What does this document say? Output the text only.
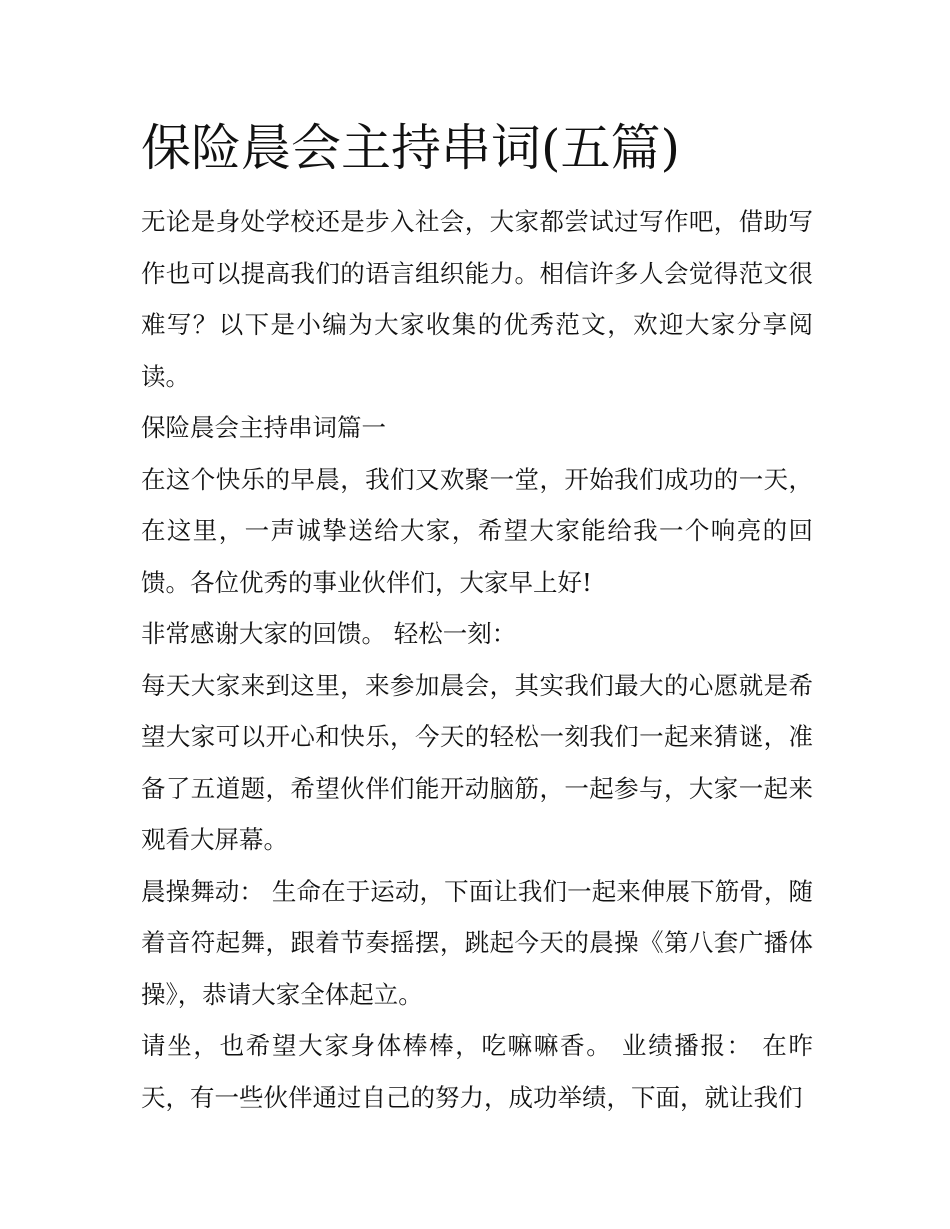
保险晨会主持串词(五篇)

无论是身处学校还是步入社会，大家都尝试过写作吧，借助写作也可以提高我们的语言组织能力。相信许多人会觉得范文很难写？以下是小编为大家收集的优秀范文，欢迎大家分享阅读。

保险晨会主持串词篇一

在这个快乐的早晨，我们又欢聚一堂，开始我们成功的一天，在这里，一声诚挚送给大家，希望大家能给我一个响亮的回馈。各位优秀的事业伙伴们，大家早上好!

非常感谢大家的回馈。 轻松一刻：

每天大家来到这里，来参加晨会，其实我们最大的心愿就是希望大家可以开心和快乐，今天的轻松一刻我们一起来猜谜，准备了五道题，希望伙伴们能开动脑筋，一起参与，大家一起来观看大屏幕。

晨操舞动： 生命在于运动，下面让我们一起来伸展下筋骨，随着音符起舞，跟着节奏摇摆，跳起今天的晨操《第八套广播体操》，恭请大家全体起立。

请坐，也希望大家身体棒棒，吃嘛嘛香。 业绩播报： 在昨天，有一些伙伴通过自己的努力，成功举绩，下面，就让我们
